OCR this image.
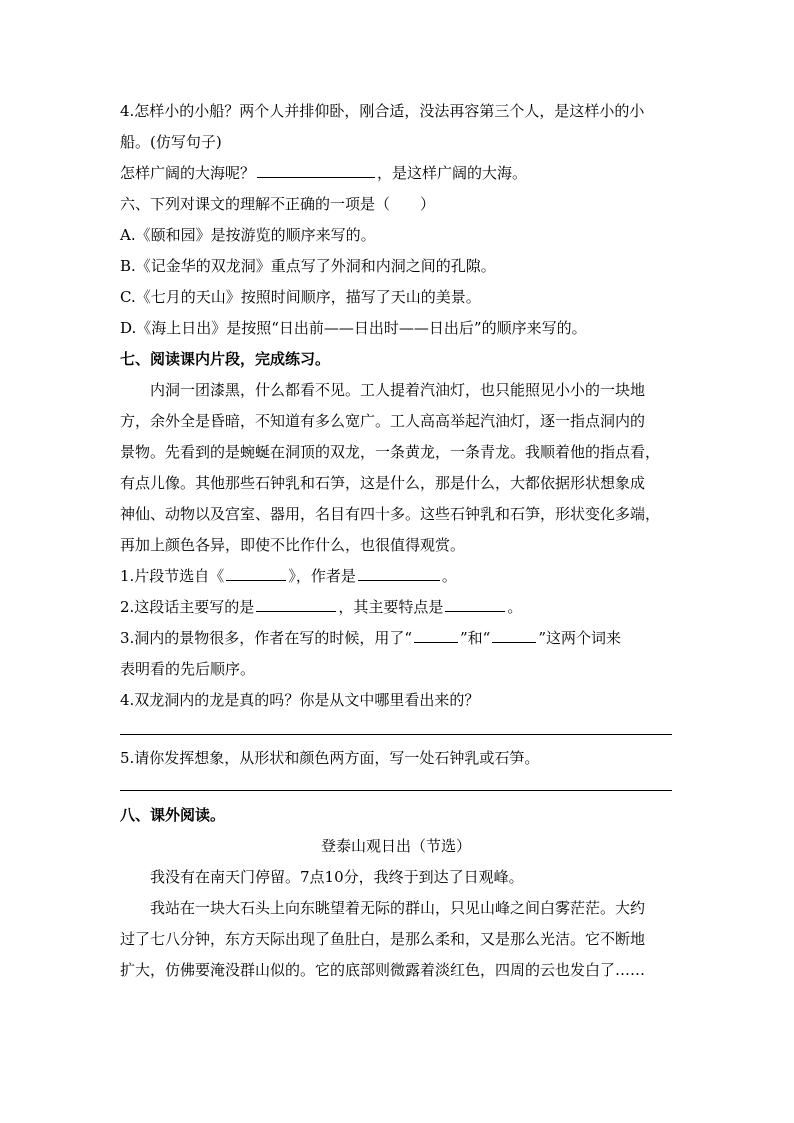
4.怎样小的小船？两个人并排仰卧，刚合适，没法再容第三个人，是这样小的小

船。(仿写句子)

怎样广阔的大海呢？	，是这样广阔的大海。

六、下列对课文的理解不正确的一项是（　　）

A.《颐和园》是按游览的顺序来写的。

B.《记金华的双龙洞》重点写了外洞和内洞之间的孔隙。

C.《七月的天山》按照时间顺序，描写了天山的美景。

D.《海上日出》是按照“日出前——日出时——日出后”的顺序来写的。

七、阅读课内片段，完成练习。

内洞一团漆黑，什么都看不见。工人提着汽油灯，也只能照见小小的一块地

方，余外全是昏暗，不知道有多么宽广。工人高高举起汽油灯，逐一指点洞内的

景物。先看到的是蜿蜒在洞顶的双龙，一条黄龙，一条青龙。我顺着他的指点看，

有点儿像。其他那些石钟乳和石笋，这是什么，那是什么，大都依据形状想象成

神仙、动物以及宫室、器用，名目有四十多。这些石钟乳和石笋，形状变化多端，

再加上颜色各异，即使不比作什么，也很值得观赏。

1.片段节选自《	》，作者是	。

2.这段话主要写的是	，其主要特点是	。

3.洞内的景物很多，作者在写的时候，用了“	”和“	”这两个词来

表明看的先后顺序。

4.双龙洞内的龙是真的吗？你是从文中哪里看出来的？

5.请你发挥想象，从形状和颜色两方面，写一处石钟乳或石笋。

八、课外阅读。

登泰山观日出（节选）

我没有在南天门停留。7点10分，我终于到达了日观峰。

我站在一块大石头上向东眺望着无际的群山，只见山峰之间白雾茫茫。大约

过了七八分钟，东方天际出现了鱼肚白，是那么柔和，又是那么光洁。它不断地

扩大，仿佛要淹没群山似的。它的底部则微露着淡红色，四周的云也发白了……
